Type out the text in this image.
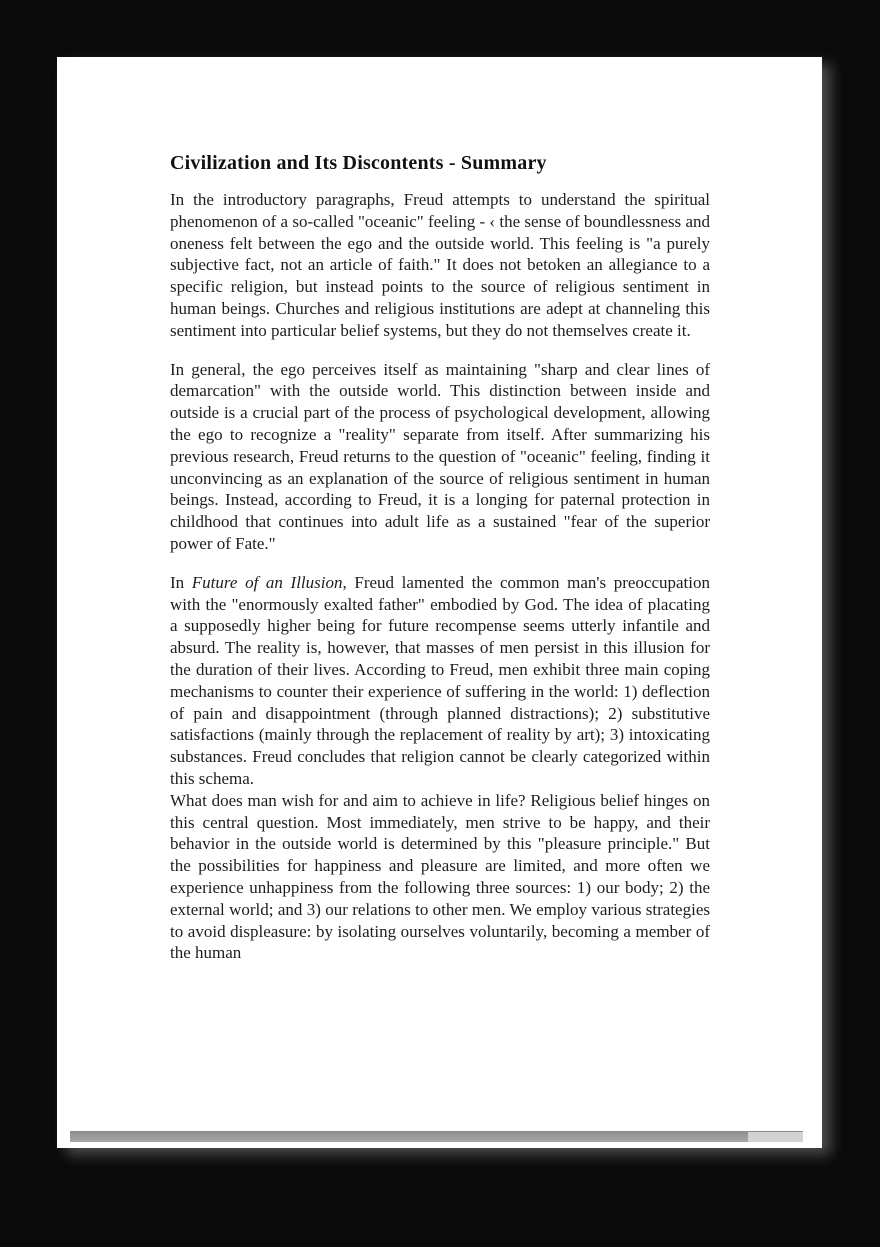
Civilization and Its Discontents - Summary

In the introductory paragraphs, Freud attempts to understand the spiritual phenomenon of a so-called "oceanic" feeling - ‹ the sense of boundlessness and oneness felt between the ego and the outside world. This feeling is "a purely subjective fact, not an article of faith." It does not betoken an allegiance to a specific religion, but instead points to the source of religious sentiment in human beings. Churches and religious institutions are adept at channeling this sentiment into particular belief systems, but they do not themselves create it.

In general, the ego perceives itself as maintaining "sharp and clear lines of demarcation" with the outside world. This distinction between inside and outside is a crucial part of the process of psychological development, allowing the ego to recognize a "reality" separate from itself. After summarizing his previous research, Freud returns to the question of "oceanic" feeling, finding it unconvincing as an explanation of the source of religious sentiment in human beings. Instead, according to Freud, it is a longing for paternal protection in childhood that continues into adult life as a sustained "fear of the superior power of Fate."

In Future of an Illusion, Freud lamented the common man's preoccupation with the "enormously exalted father" embodied by God. The idea of placating a supposedly higher being for future recompense seems utterly infantile and absurd. The reality is, however, that masses of men persist in this illusion for the duration of their lives. According to Freud, men exhibit three main coping mechanisms to counter their experience of suffering in the world: 1) deflection of pain and disappointment (through planned distractions); 2) substitutive satisfactions (mainly through the replacement of reality by art); 3) intoxicating substances. Freud concludes that religion cannot be clearly categorized within this schema.

What does man wish for and aim to achieve in life? Religious belief hinges on this central question. Most immediately, men strive to be happy, and their behavior in the outside world is determined by this "pleasure principle." But the possibilities for happiness and pleasure are limited, and more often we experience unhappiness from the following three sources: 1) our body; 2) the external world; and 3) our relations to other men. We employ various strategies to avoid displeasure: by isolating ourselves voluntarily, becoming a member of the human
